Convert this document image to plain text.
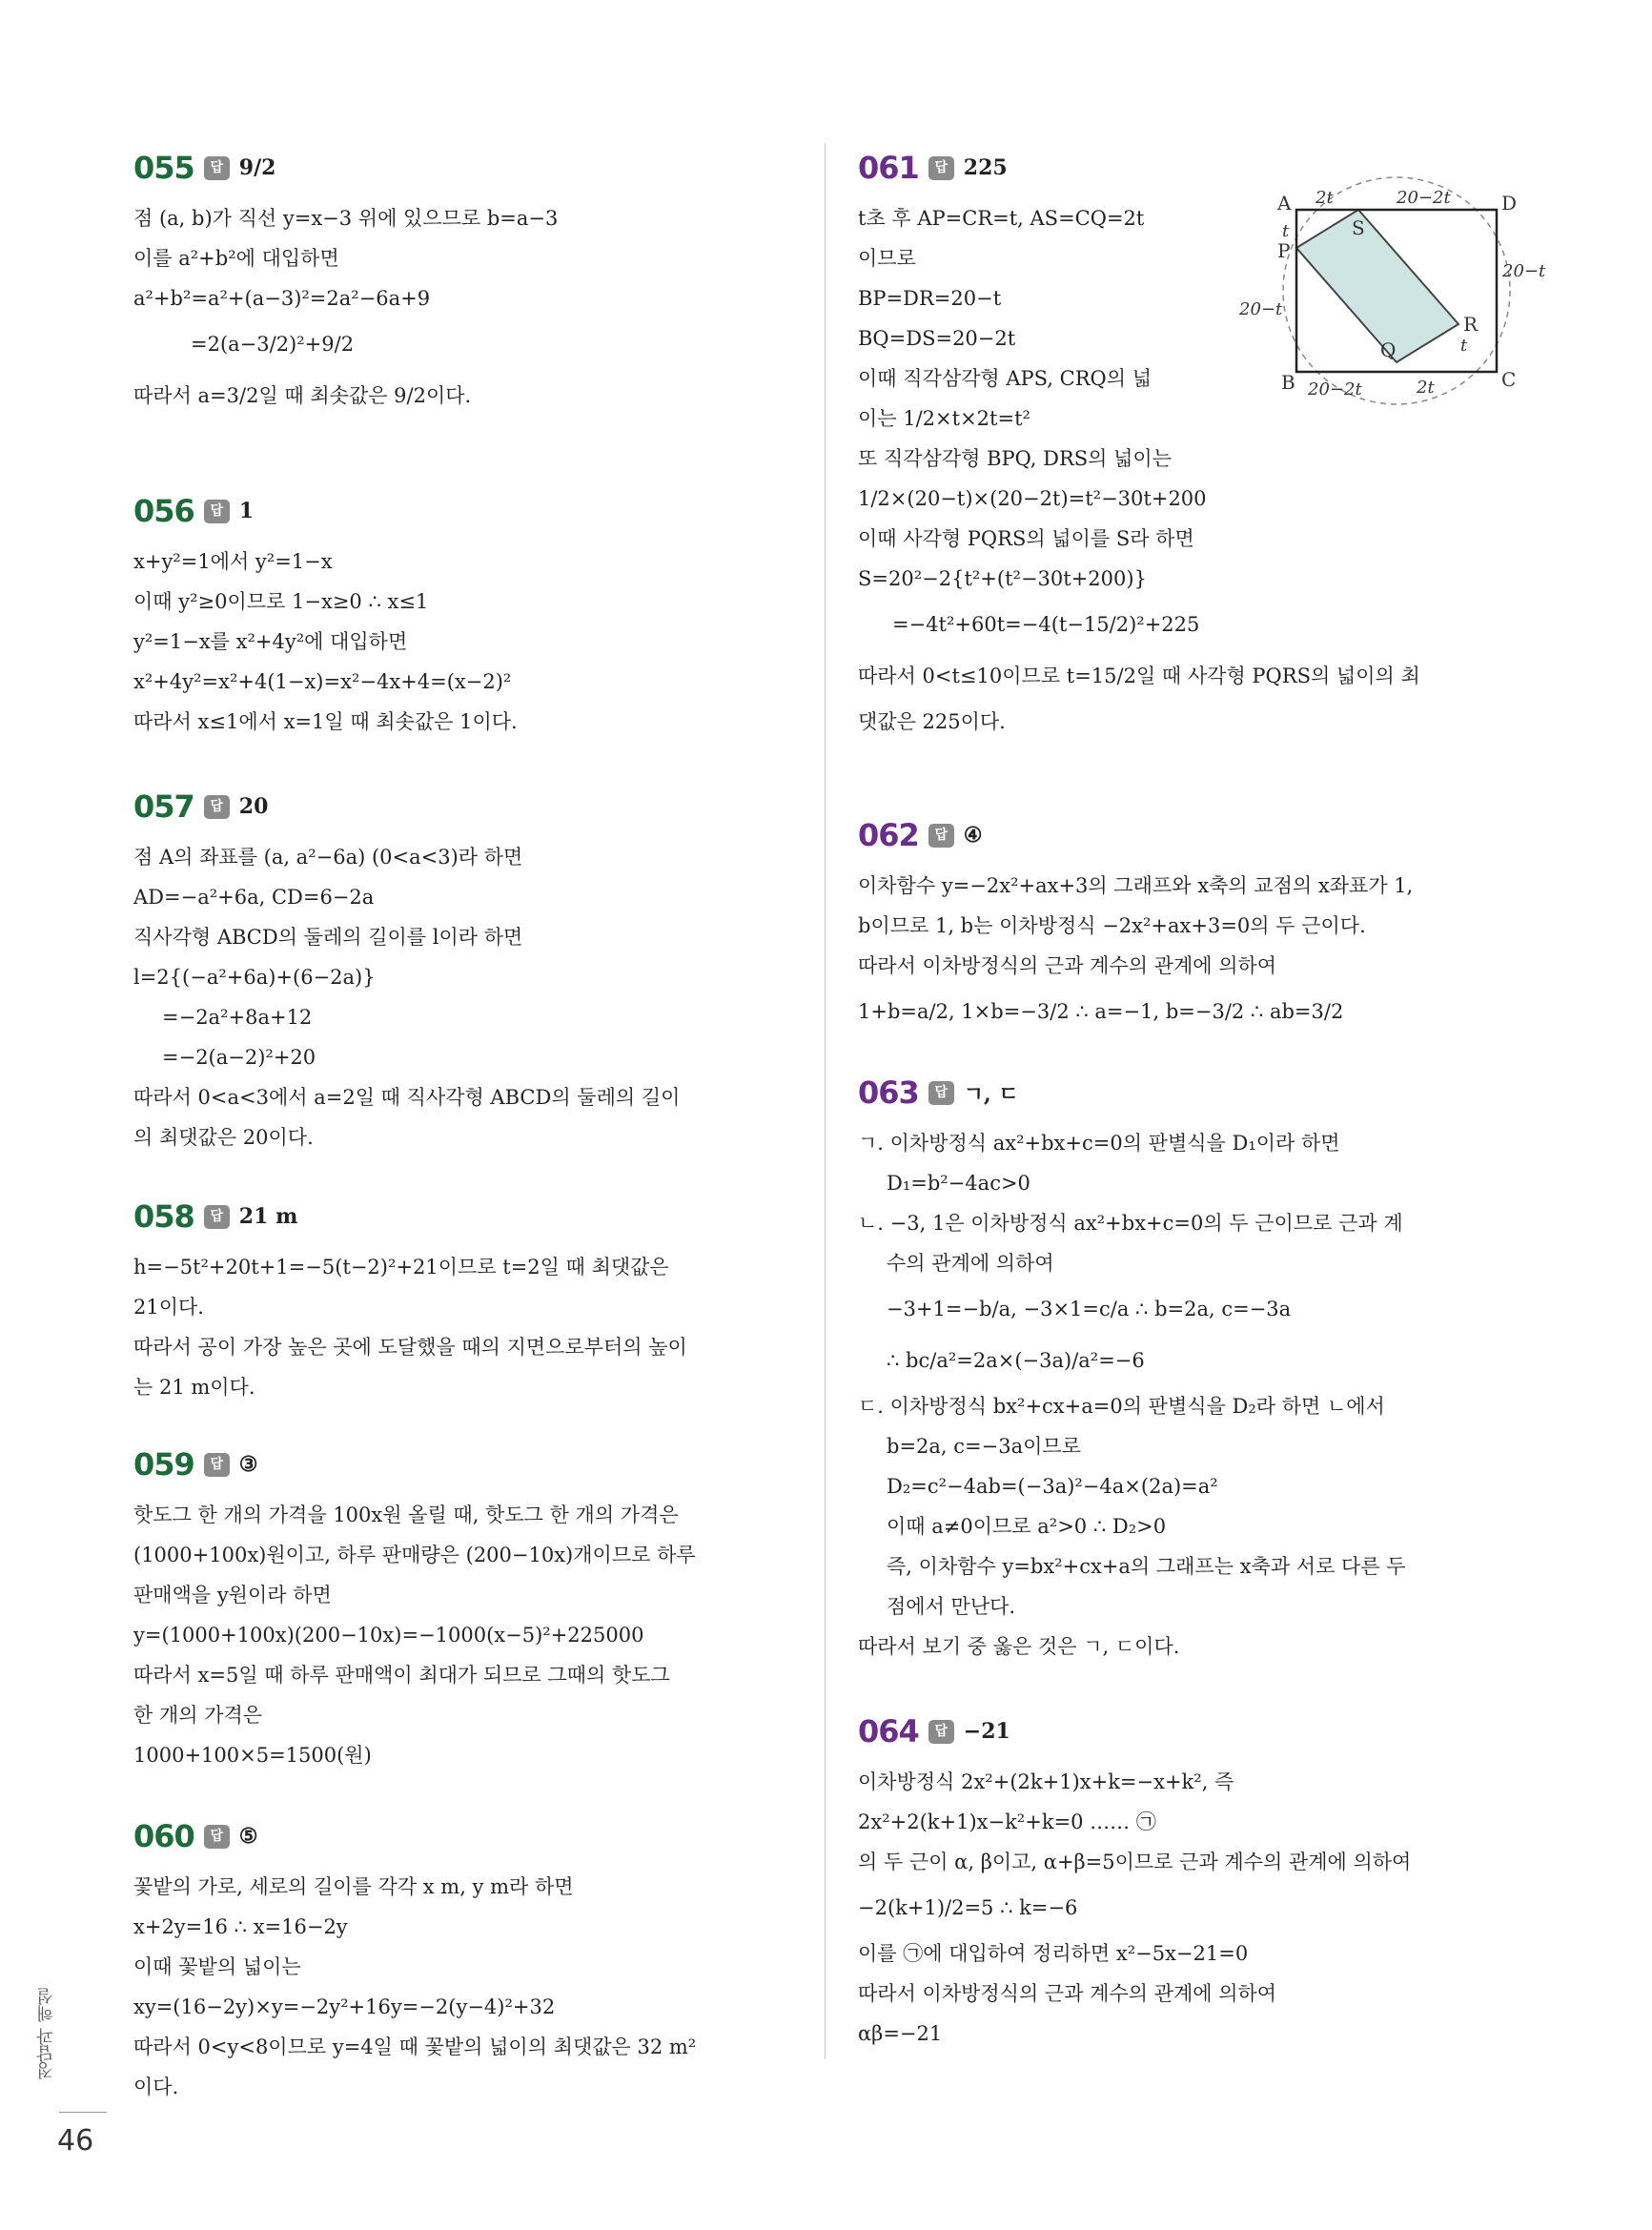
055	답 9/2
점 (a, b)가 직선 y=x−3 위에 있으므로 b=a−3
이를 a²+b²에 대입하면
a²+b²=a²+(a−3)²=2a²−6a+9
=2(a−3/2)²+9/2
따라서 a=3/2일 때 최솟값은 9/2이다.
056	답 1
x+y²=1에서 y²=1−x
이때 y²≥0이므로 1−x≥0 ∴ x≤1
y²=1−x를 x²+4y²에 대입하면
x²+4y²=x²+4(1−x)=x²−4x+4=(x−2)²
따라서 x≤1에서 x=1일 때 최솟값은 1이다.
057	답 20
점 A의 좌표를 (a, a²−6a) (0<a<3)라 하면
AD=−a²+6a, CD=6−2a
직사각형 ABCD의 둘레의 길이를 l이라 하면
l=2{(−a²+6a)+(6−2a)}
=−2a²+8a+12
=−2(a−2)²+20
따라서 0<a<3에서 a=2일 때 직사각형 ABCD의 둘레의 길이
의 최댓값은 20이다.
058	답 21 m
h=−5t²+20t+1=−5(t−2)²+21이므로 t=2일 때 최댓값은
21이다.
따라서 공이 가장 높은 곳에 도달했을 때의 지면으로부터의 높이
는 21 m이다.
059	답 ③
핫도그 한 개의 가격을 100x원 올릴 때, 핫도그 한 개의 가격은
(1000+100x)원이고, 하루 판매량은 (200−10x)개이므로 하루
판매액을 y원이라 하면
y=(1000+100x)(200−10x)=−1000(x−5)²+225000
따라서 x=5일 때 하루 판매액이 최대가 되므로 그때의 핫도그
한 개의 가격은
1000+100×5=1500(원)
060	답 ⑤
꽃밭의 가로, 세로의 길이를 각각 x m, y m라 하면
x+2y=16 ∴ x=16−2y
이때 꽃밭의 넓이는
xy=(16−2y)×y=−2y²+16y=−2(y−4)²+32
따라서 0<y<8이므로 y=4일 때 꽃밭의 넓이의 최댓값은 32 m²
이다.
061	답 225
t초 후 AP=CR=t, AS=CQ=2t
이므로
BP=DR=20−t
BQ=DS=20−2t
이때 직각삼각형 APS, CRQ의 넓
이는 1/2×t×2t=t²
또 직각삼각형 BPQ, DRS의 넓이는
1/2×(20−t)×(20−2t)=t²−30t+200
이때 사각형 PQRS의 넓이를 S라 하면
S=20²−2{t²+(t²−30t+200)}
=−4t²+60t=−4(t−15/2)²+225
따라서 0<t≤10이므로 t=15/2일 때 사각형 PQRS의 넓이의 최
댓값은 225이다.
062	답 ④
이차함수 y=−2x²+ax+3의 그래프와 x축의 교점의 x좌표가 1,
b이므로 1, b는 이차방정식 −2x²+ax+3=0의 두 근이다.
따라서 이차방정식의 근과 계수의 관계에 의하여
1+b=a/2, 1×b=−3/2 ∴ a=−1, b=−3/2 ∴ ab=3/2
063	답 ㄱ, ㄷ
ㄱ. 이차방정식 ax²+bx+c=0의 판별식을 D₁이라 하면
D₁=b²−4ac>0
ㄴ. −3, 1은 이차방정식 ax²+bx+c=0의 두 근이므로 근과 계
수의 관계에 의하여
−3+1=−b/a, −3×1=c/a ∴ b=2a, c=−3a
∴ bc/a²=2a×(−3a)/a²=−6
ㄷ. 이차방정식 bx²+cx+a=0의 판별식을 D₂라 하면 ㄴ에서
b=2a, c=−3a이므로
D₂=c²−4ab=(−3a)²−4a×(2a)=a²
이때 a≠0이므로 a²>0 ∴ D₂>0
즉, 이차함수 y=bx²+cx+a의 그래프는 x축과 서로 다른 두
점에서 만난다.
따라서 보기 중 옳은 것은 ㄱ, ㄷ이다.
064	답 −21
이차방정식 2x²+(2k+1)x+k=−x+k², 즉
2x²+2(k+1)x−k²+k=0 …… ㉠
의 두 근이 α, β이고, α+β=5이므로 근과 계수의 관계에 의하여
−2(k+1)/2=5 ∴ k=−6
이를 ㉠에 대입하여 정리하면 x²−5x−21=0
따라서 이차방정식의 근과 계수의 관계에 의하여
αβ=−21
A	D
B	C
P
S
Q
R
2t	20−2t
20−t
t
20−2t	2t
t
20−t
정답과 해설
46
